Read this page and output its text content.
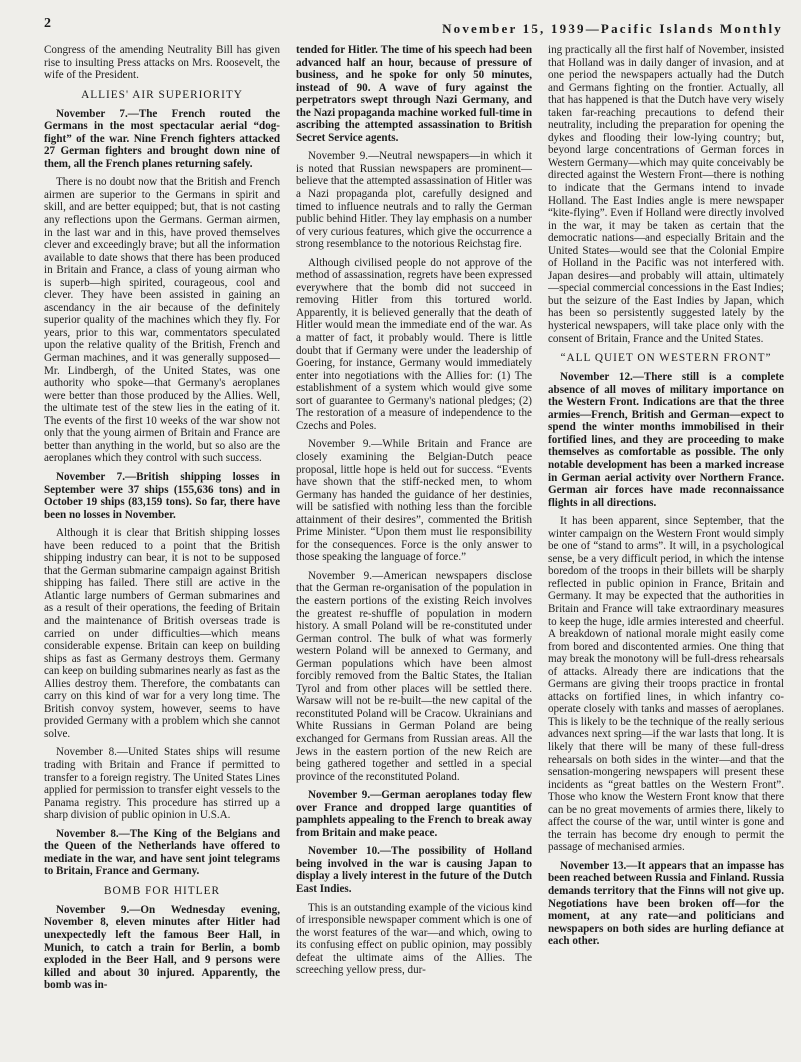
2	November 15, 1939—Pacific Islands Monthly

Congress of the amending Neutrality Bill has given rise to insulting Press attacks on Mrs. Roosevelt, the wife of the President.

ALLIES' AIR SUPERIORITY

November 7.—The French routed the Germans in the most spectacular aerial “dog-fight” of the war. Nine French fighters attacked 27 German fighters and brought down nine of them, all the French planes returning safely.

There is no doubt now that the British and French airmen are superior to the Germans in spirit and skill, and are better equipped; but, that is not casting any reflections upon the Germans. German airmen, in the last war and in this, have proved themselves clever and exceedingly brave; but all the information available to date shows that there has been produced in Britain and France, a class of young airman who is superb—high spirited, courageous, cool and clever. They have been assisted in gaining an ascendancy in the air because of the definitely superior quality of the machines which they fly. For years, prior to this war, commentators speculated upon the relative quality of the British, French and German machines, and it was generally supposed—Mr. Lindbergh, of the United States, was one authority who spoke—that Germany's aeroplanes were better than those produced by the Allies. Well, the ultimate test of the stew lies in the eating of it. The events of the first 10 weeks of the war show not only that the young airmen of Britain and France are better than anything in the world, but so also are the aeroplanes which they control with such success.

November 7.—British shipping losses in September were 37 ships (155,636 tons) and in October 19 ships (83,159 tons). So far, there have been no losses in November.

Although it is clear that British shipping losses have been reduced to a point that the British shipping industry can bear, it is not to be supposed that the German submarine campaign against British shipping has failed. There still are active in the Atlantic large numbers of German submarines and as a result of their operations, the feeding of Britain and the maintenance of British overseas trade is carried on under difficulties—which means considerable expense. Britain can keep on building ships as fast as Germany destroys them. Germany can keep on building submarines nearly as fast as the Allies destroy them. Therefore, the combatants can carry on this kind of war for a very long time. The British convoy system, however, seems to have provided Germany with a problem which she cannot solve.

November 8.—United States ships will resume trading with Britain and France if permitted to transfer to a foreign registry. The United States Lines applied for permission to transfer eight vessels to the Panama registry. This procedure has stirred up a sharp division of public opinion in U.S.A.

November 8.—The King of the Belgians and the Queen of the Netherlands have offered to mediate in the war, and have sent joint telegrams to Britain, France and Germany.

BOMB FOR HITLER

November 9.—On Wednesday evening, November 8, eleven minutes after Hitler had unexpectedly left the famous Beer Hall, in Munich, to catch a train for Berlin, a bomb exploded in the Beer Hall, and 9 persons were killed and about 30 injured. Apparently, the bomb was in-

tended for Hitler. The time of his speech had been advanced half an hour, because of pressure of business, and he spoke for only 50 minutes, instead of 90. A wave of fury against the perpetrators swept through Nazi Germany, and the Nazi propaganda machine worked full-time in ascribing the attempted assassination to British Secret Service agents.

November 9.—Neutral newspapers—in which it is noted that Russian newspapers are prominent—believe that the attempted assassination of Hitler was a Nazi propaganda plot, carefully designed and timed to influence neutrals and to rally the German public behind Hitler. They lay emphasis on a number of very curious features, which give the occurrence a strong resemblance to the notorious Reichstag fire.

Although civilised people do not approve of the method of assassination, regrets have been expressed everywhere that the bomb did not succeed in removing Hitler from this tortured world. Apparently, it is believed generally that the death of Hitler would mean the immediate end of the war. As a matter of fact, it probably would. There is little doubt that if Germany were under the leadership of Goering, for instance, Germany would immediately enter into negotiations with the Allies for: (1) The establishment of a system which would give some sort of guarantee to Germany's national pledges; (2) The restoration of a measure of independence to the Czechs and Poles.

November 9.—While Britain and France are closely examining the Belgian-Dutch peace proposal, little hope is held out for success. “Events have shown that the stiff-necked men, to whom Germany has handed the guidance of her destinies, will be satisfied with nothing less than the forcible attainment of their desires”, commented the British Prime Minister. “Upon them must lie responsibility for the consequences. Force is the only answer to those speaking the language of force.”

November 9.—American newspapers disclose that the German re-organisation of the population in the eastern portions of the existing Reich involves the greatest re-shuffle of population in modern history. A small Poland will be re-constituted under German control. The bulk of what was formerly western Poland will be annexed to Germany, and German populations which have been almost forcibly removed from the Baltic States, the Italian Tyrol and from other places will be settled there. Warsaw will not be re-built—the new capital of the reconstituted Poland will be Cracow. Ukrainians and White Russians in German Poland are being exchanged for Germans from Russian areas. All the Jews in the eastern portion of the new Reich are being gathered together and settled in a special province of the reconstituted Poland.

November 9.—German aeroplanes today flew over France and dropped large quantities of pamphlets appealing to the French to break away from Britain and make peace.

November 10.—The possibility of Holland being involved in the war is causing Japan to display a lively interest in the future of the Dutch East Indies.

This is an outstanding example of the vicious kind of irresponsible newspaper comment which is one of the worst features of the war—and which, owing to its confusing effect on public opinion, may possibly defeat the ultimate aims of the Allies. The screeching yellow press, dur-

ing practically all the first half of November, insisted that Holland was in daily danger of invasion, and at one period the newspapers actually had the Dutch and Germans fighting on the frontier. Actually, all that has happened is that the Dutch have very wisely taken far-reaching precautions to defend their neutrality, including the preparation for opening the dykes and flooding their low-lying country; but, beyond large concentrations of German forces in Western Germany—which may quite conceivably be directed against the Western Front—there is nothing to indicate that the Germans intend to invade Holland. The East Indies angle is mere newspaper “kite-flying”. Even if Holland were directly involved in the war, it may be taken as certain that the democratic nations—and especially Britain and the United States—would see that the Colonial Empire of Holland in the Pacific was not interfered with. Japan desires—and probably will attain, ultimately—special commercial concessions in the East Indies; but the seizure of the East Indies by Japan, which has been so persistently suggested lately by the hysterical newspapers, will take place only with the consent of Britain, France and the United States.

“ALL QUIET ON WESTERN FRONT”

November 12.—There still is a complete absence of all moves of military importance on the Western Front. Indications are that the three armies—French, British and German—expect to spend the winter months immobilised in their fortified lines, and they are proceeding to make themselves as comfortable as possible. The only notable development has been a marked increase in German aerial activity over Northern France. German air forces have made reconnaissance flights in all directions.

It has been apparent, since September, that the winter campaign on the Western Front would simply be one of “stand to arms”. It will, in a psychological sense, be a very difficult period, in which the intense boredom of the troops in their billets will be sharply reflected in public opinion in France, Britain and Germany. It may be expected that the authorities in Britain and France will take extraordinary measures to keep the huge, idle armies interested and cheerful. A breakdown of national morale might easily come from bored and discontented armies. One thing that may break the monotony will be full-dress rehearsals of attacks. Already there are indications that the Germans are giving their troops practice in frontal attacks on fortified lines, in which infantry co-operate closely with tanks and masses of aeroplanes. This is likely to be the technique of the really serious advances next spring—if the war lasts that long. It is likely that there will be many of these full-dress rehearsals on both sides in the winter—and that the sensation-mongering newspapers will present these incidents as “great battles on the Western Front”. Those who know the Western Front know that there can be no great movements of armies there, likely to affect the course of the war, until winter is gone and the terrain has become dry enough to permit the passage of mechanised armies.

November 13.—It appears that an impasse has been reached between Russia and Finland. Russia demands territory that the Finns will not give up. Negotiations have been broken off—for the moment, at any rate—and politicians and newspapers on both sides are hurling defiance at each other.
